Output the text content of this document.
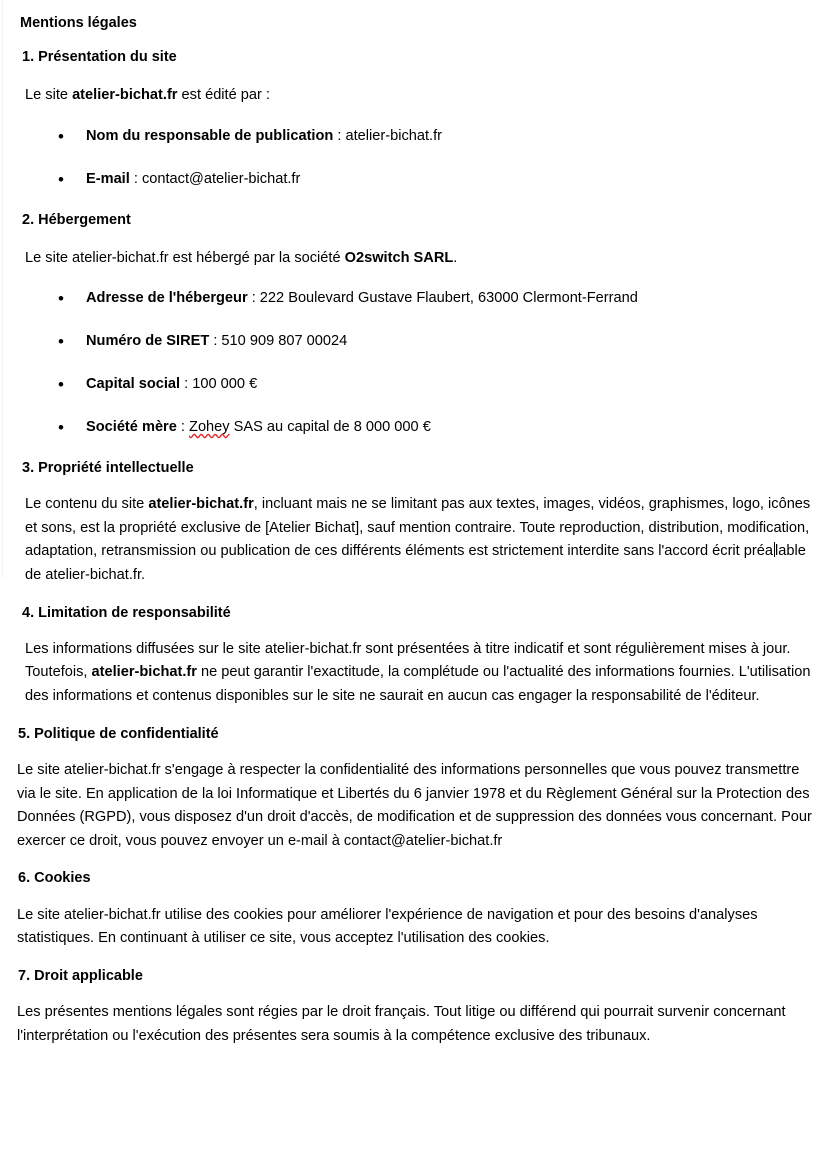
Mentions légales
1. Présentation du site

Le site atelier-bichat.fr est édité par :

• Nom du responsable de publication : atelier-bichat.fr
• E-mail : contact@atelier-bichat.fr
2. Hébergement

Le site atelier-bichat.fr est hébergé par la société O2switch SARL.

• Adresse de l'hébergeur : 222 Boulevard Gustave Flaubert, 63000 Clermont-Ferrand
• Numéro de SIRET : 510 909 807 00024
• Capital social : 100 000 €
• Société mère : Zohey SAS au capital de 8 000 000 €
3. Propriété intellectuelle

Le contenu du site atelier-bichat.fr, incluant mais ne se limitant pas aux textes, images, vidéos, graphismes, logo, icônes et sons, est la propriété exclusive de [Atelier Bichat], sauf mention contraire. Toute reproduction, distribution, modification, adaptation, retransmission ou publication de ces différents éléments est strictement interdite sans l'accord écrit préa lable de atelier-bichat.fr.

4. Limitation de responsabilité

Les informations diffusées sur le site atelier-bichat.fr sont présentées à titre indicatif et sont régulièrement mises à jour. Toutefois, atelier-bichat.fr ne peut garantir l'exactitude, la complétude ou l'actualité des informations fournies. L'utilisation des informations et contenus disponibles sur le site ne saurait en aucun cas engager la responsabilité de l'éditeur.

5. Politique de confidentialité

Le site atelier-bichat.fr s'engage à respecter la confidentialité des informations personnelles que vous pouvez transmettre via le site. En application de la loi Informatique et Libertés du 6 janvier 1978 et du Règlement Général sur la Protection des Données (RGPD), vous disposez d'un droit d'accès, de modification et de suppression des données vous concernant. Pour exercer ce droit, vous pouvez envoyer un e-mail à contact@atelier-bichat.fr

6. Cookies

Le site atelier-bichat.fr utilise des cookies pour améliorer l'expérience de navigation et pour des besoins d'analyses statistiques. En continuant à utiliser ce site, vous acceptez l'utilisation des cookies.

7. Droit applicable

Les présentes mentions légales sont régies par le droit français. Tout litige ou différend qui pourrait survenir concernant l'interprétation ou l'exécution des présentes sera soumis à la compétence exclusive des tribunaux.
